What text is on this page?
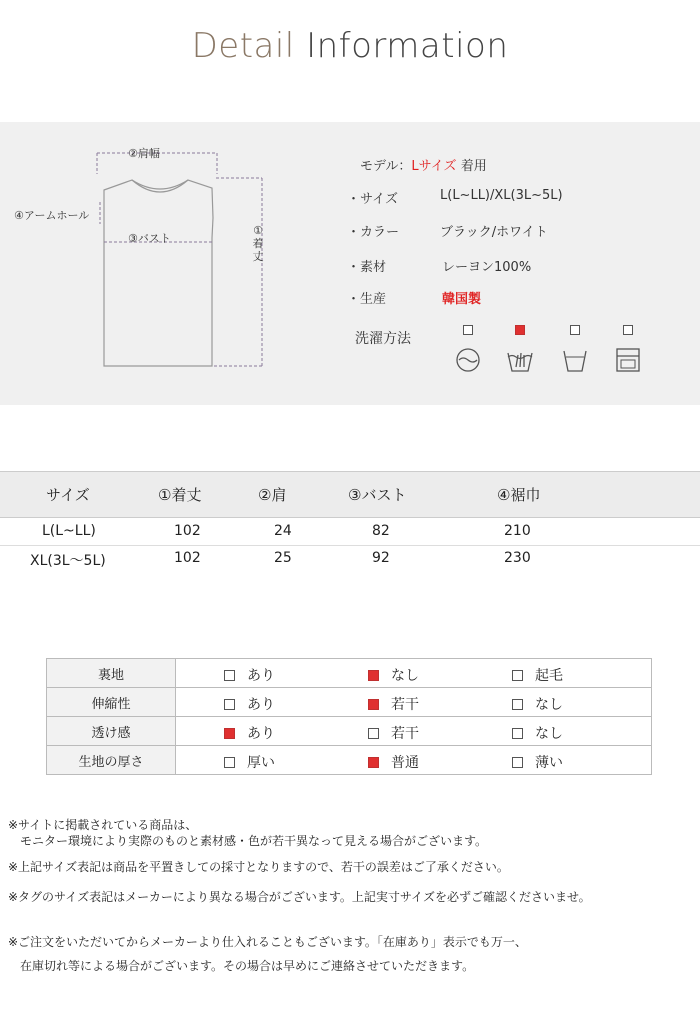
Detail Information
②肩幅
④アームホール
③バスト
①着丈
モデル：Lサイズ 着用
・サイズ	L(L~LL)/XL(3L~5L)
・カラー	ブラック/ホワイト
・素材	レーヨン100%
・生産	韓国製
洗濯方法
サイズ	①着丈	②肩	③バスト	④裾巾
L(L~LL)	102	24	82	210
XL(3L～5L)	102	25	92	230
裏地	あり なし 起毛

伸縮性	あり 若干 なし

透け感	あり 若干 なし

生地の厚さ	厚い 普通 薄い
※サイトに掲載されている商品は、
　モニター環境により実際のものと素材感・色が若干異なって見える場合がございます。
※上記サイズ表記は商品を平置きしての採寸となりますので、若干の誤差はご了承ください。
※タグのサイズ表記はメーカーにより異なる場合がございます。上記実寸サイズを必ずご確認くださいませ。
※ご注文をいただいてからメーカーより仕入れることもございます。「在庫あり」表示でも万一、
　在庫切れ等による場合がございます。その場合は早めにご連絡させていただきます。
